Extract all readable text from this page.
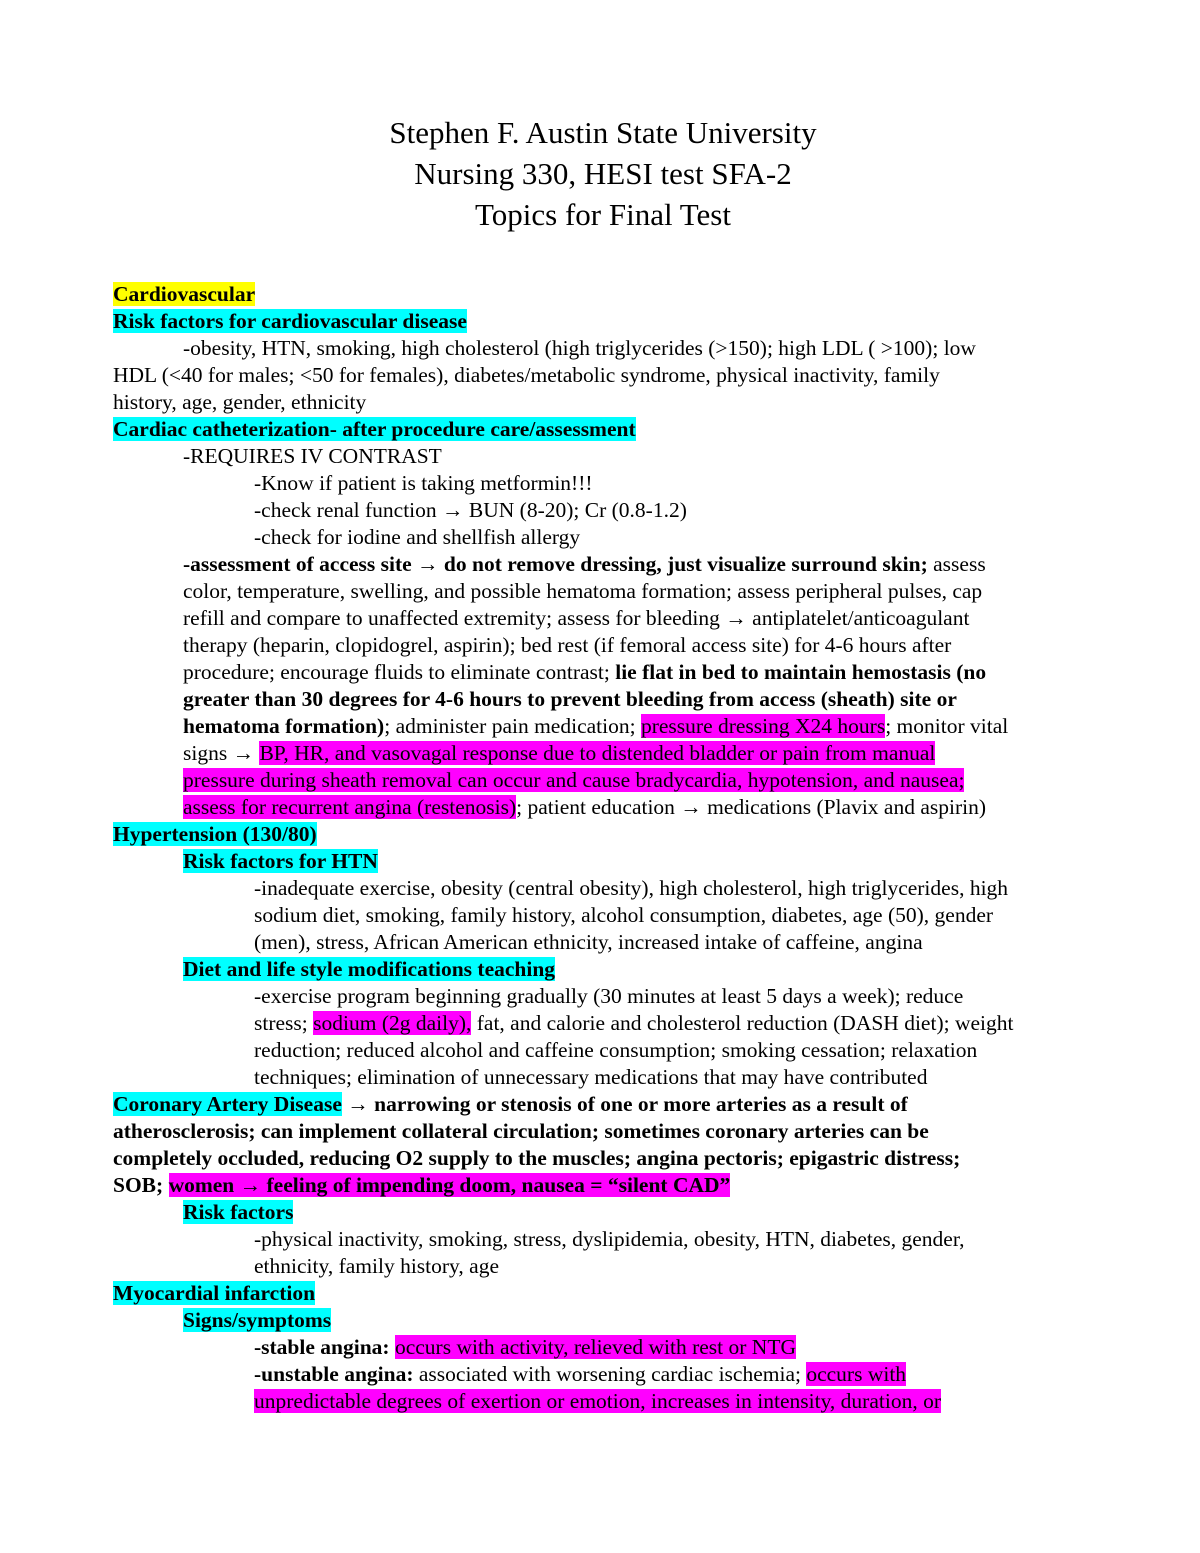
Stephen F. Austin State University
Nursing 330, HESI test SFA-2
Topics for Final Test
Cardiovascular
Risk factors for cardiovascular disease
-obesity, HTN, smoking, high cholesterol (high triglycerides (>150); high LDL ( >100); low
HDL (<40 for males; <50 for females), diabetes/metabolic syndrome, physical inactivity, family
history, age, gender, ethnicity
Cardiac catheterization- after procedure care/assessment
-REQUIRES IV CONTRAST
-Know if patient is taking metformin!!!
-check renal function → BUN (8-20); Cr (0.8-1.2)
-check for iodine and shellfish allergy
-assessment of access site → do not remove dressing, just visualize surround skin; assess
color, temperature, swelling, and possible hematoma formation; assess peripheral pulses, cap
refill and compare to unaffected extremity; assess for bleeding → antiplatelet/anticoagulant
therapy (heparin, clopidogrel, aspirin); bed rest (if femoral access site) for 4-6 hours after
procedure; encourage fluids to eliminate contrast; lie flat in bed to maintain hemostasis (no
greater than 30 degrees for 4-6 hours to prevent bleeding from access (sheath) site or
hematoma formation); administer pain medication; pressure dressing X24 hours; monitor vital
signs → BP, HR, and vasovagal response due to distended bladder or pain from manual
pressure during sheath removal can occur and cause bradycardia, hypotension, and nausea;
assess for recurrent angina (restenosis); patient education → medications (Plavix and aspirin)
Hypertension (130/80)
Risk factors for HTN
-inadequate exercise, obesity (central obesity), high cholesterol, high triglycerides, high
sodium diet, smoking, family history, alcohol consumption, diabetes, age (50), gender
(men), stress, African American ethnicity, increased intake of caffeine, angina
Diet and life style modifications teaching
-exercise program beginning gradually (30 minutes at least 5 days a week); reduce
stress; sodium (2g daily), fat, and calorie and cholesterol reduction (DASH diet); weight
reduction; reduced alcohol and caffeine consumption; smoking cessation; relaxation
techniques; elimination of unnecessary medications that may have contributed
Coronary Artery Disease → narrowing or stenosis of one or more arteries as a result of
atherosclerosis; can implement collateral circulation; sometimes coronary arteries can be
completely occluded, reducing O2 supply to the muscles; angina pectoris; epigastric distress;
SOB; women → feeling of impending doom, nausea = “silent CAD”
Risk factors
-physical inactivity, smoking, stress, dyslipidemia, obesity, HTN, diabetes, gender,
ethnicity, family history, age
Myocardial infarction
Signs/symptoms
-stable angina: occurs with activity, relieved with rest or NTG
-unstable angina: associated with worsening cardiac ischemia; occurs with
unpredictable degrees of exertion or emotion, increases in intensity, duration, or
